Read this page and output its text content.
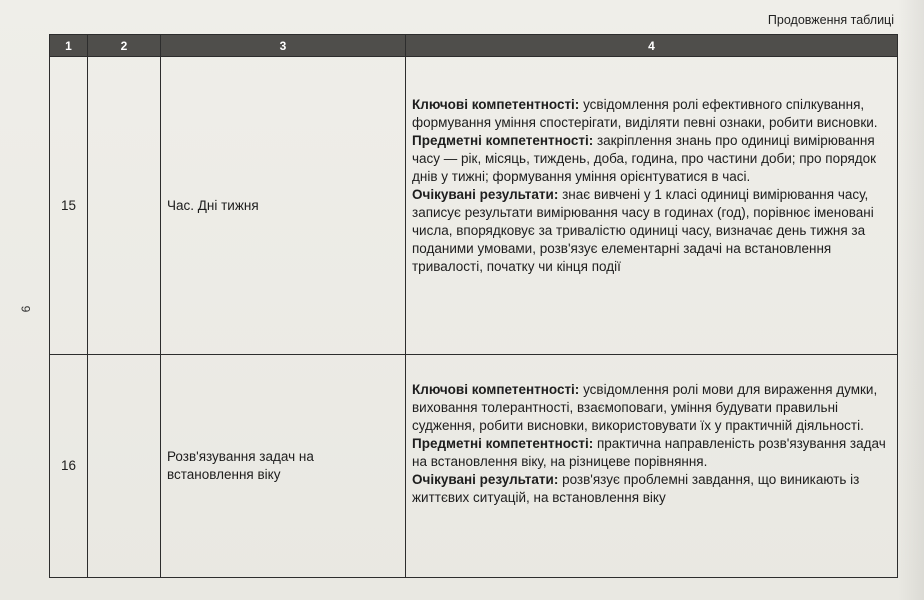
Продовження таблиці
9
1	2	3	4
15		Час. Дні тижня	Ключові компетентності: усвідомлення ролі ефективного спілкування, формування уміння спостерігати, виділяти певні ознаки, робити висновки.

Предметні компетентності: закріплення знань про одиниці вимірювання часу — рік, місяць, тиждень, доба, година, про частини доби; про порядок днів у тижні; формування уміння орієнтуватися в часі.

Очікувані результати: знає вивчені у 1 класі одиниці вимірювання часу, записує результати вимірювання часу в годинах (год), порівнює іменовані числа, впорядковує за тривалістю одиниці часу, визначає день тижня за поданими умовами, розв'язує елементарні задачі на встановлення тривалості, початку чи кінця події

16		Розв'язування задач на встановлення віку	Ключові компетентності: усвідомлення ролі мови для вираження думки, виховання толерантності, взаємоповаги, уміння будувати правильні судження, робити висновки, використовувати їх у практичній діяльності.

Предметні компетентності: практична направленість розв'язування задач на встановлення віку, на різницеве порівняння.

Очікувані результати: розв'язує проблемні завдання, що виникають із життєвих ситуацій, на встановлення віку
